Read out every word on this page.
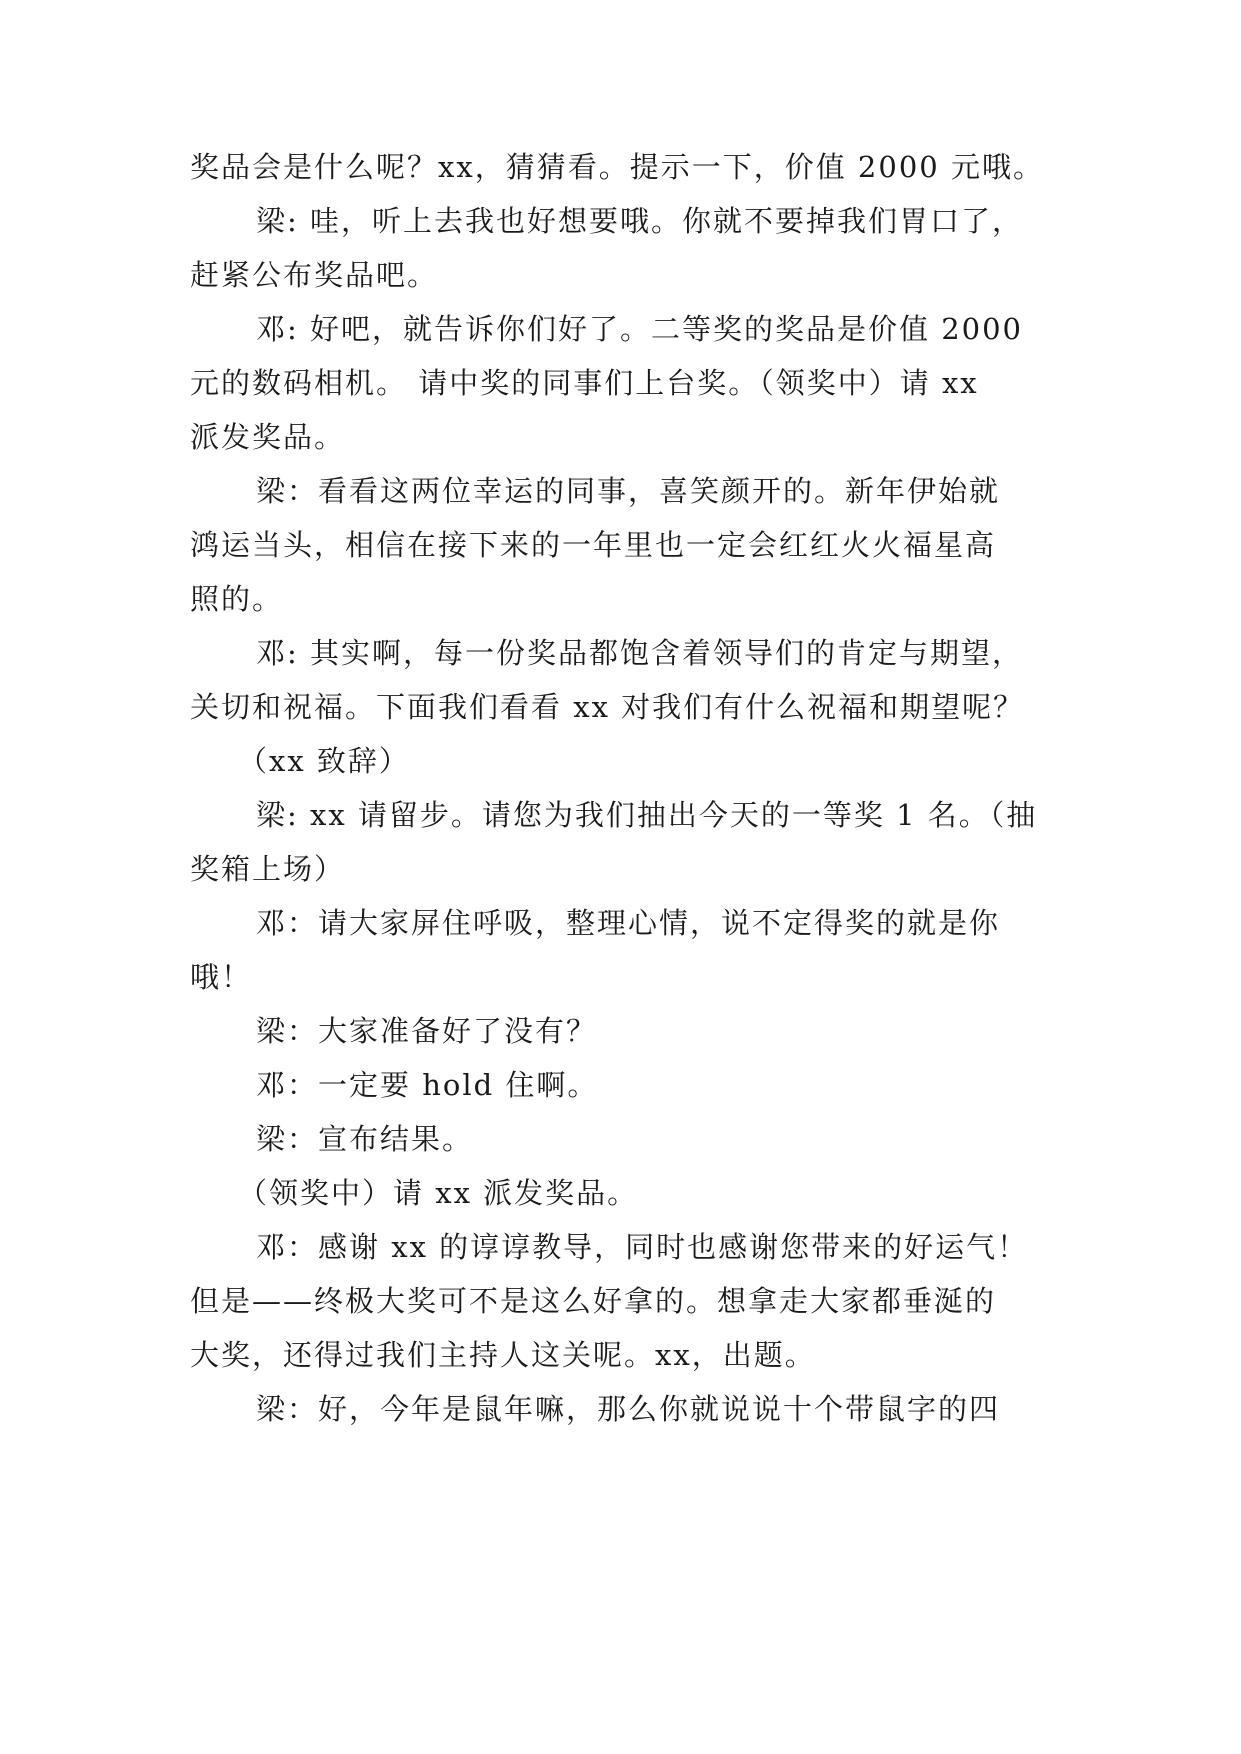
奖品会是什么呢？xx，猜猜看。提示一下，价值 2000 元哦。
梁: 哇，听上去我也好想要哦。你就不要掉我们胃口了，
赶紧公布奖品吧。
邓: 好吧，就告诉你们好了。二等奖的奖品是价值 2000
元的数码相机。 请中奖的同事们上台奖。（领奖中）请 xx
派发奖品。
梁：看看这两位幸运的同事，喜笑颜开的。新年伊始就
鸿运当头，相信在接下来的一年里也一定会红红火火福星高
照的。
邓: 其实啊，每一份奖品都饱含着领导们的肯定与期望，
关切和祝福。下面我们看看 xx 对我们有什么祝福和期望呢？
（xx 致辞）
梁: xx 请留步。请您为我们抽出今天的一等奖 1 名。（抽
奖箱上场）
邓：请大家屏住呼吸，整理心情，说不定得奖的就是你
哦！
梁：大家准备好了没有？
邓：一定要 hold 住啊。
梁：宣布结果。
（领奖中）请 xx 派发奖品。
邓：感谢 xx 的谆谆教导，同时也感谢您带来的好运气！
但是——终极大奖可不是这么好拿的。想拿走大家都垂涎的
大奖，还得过我们主持人这关呢。xx，出题。
梁：好，今年是鼠年嘛，那么你就说说十个带鼠字的四
